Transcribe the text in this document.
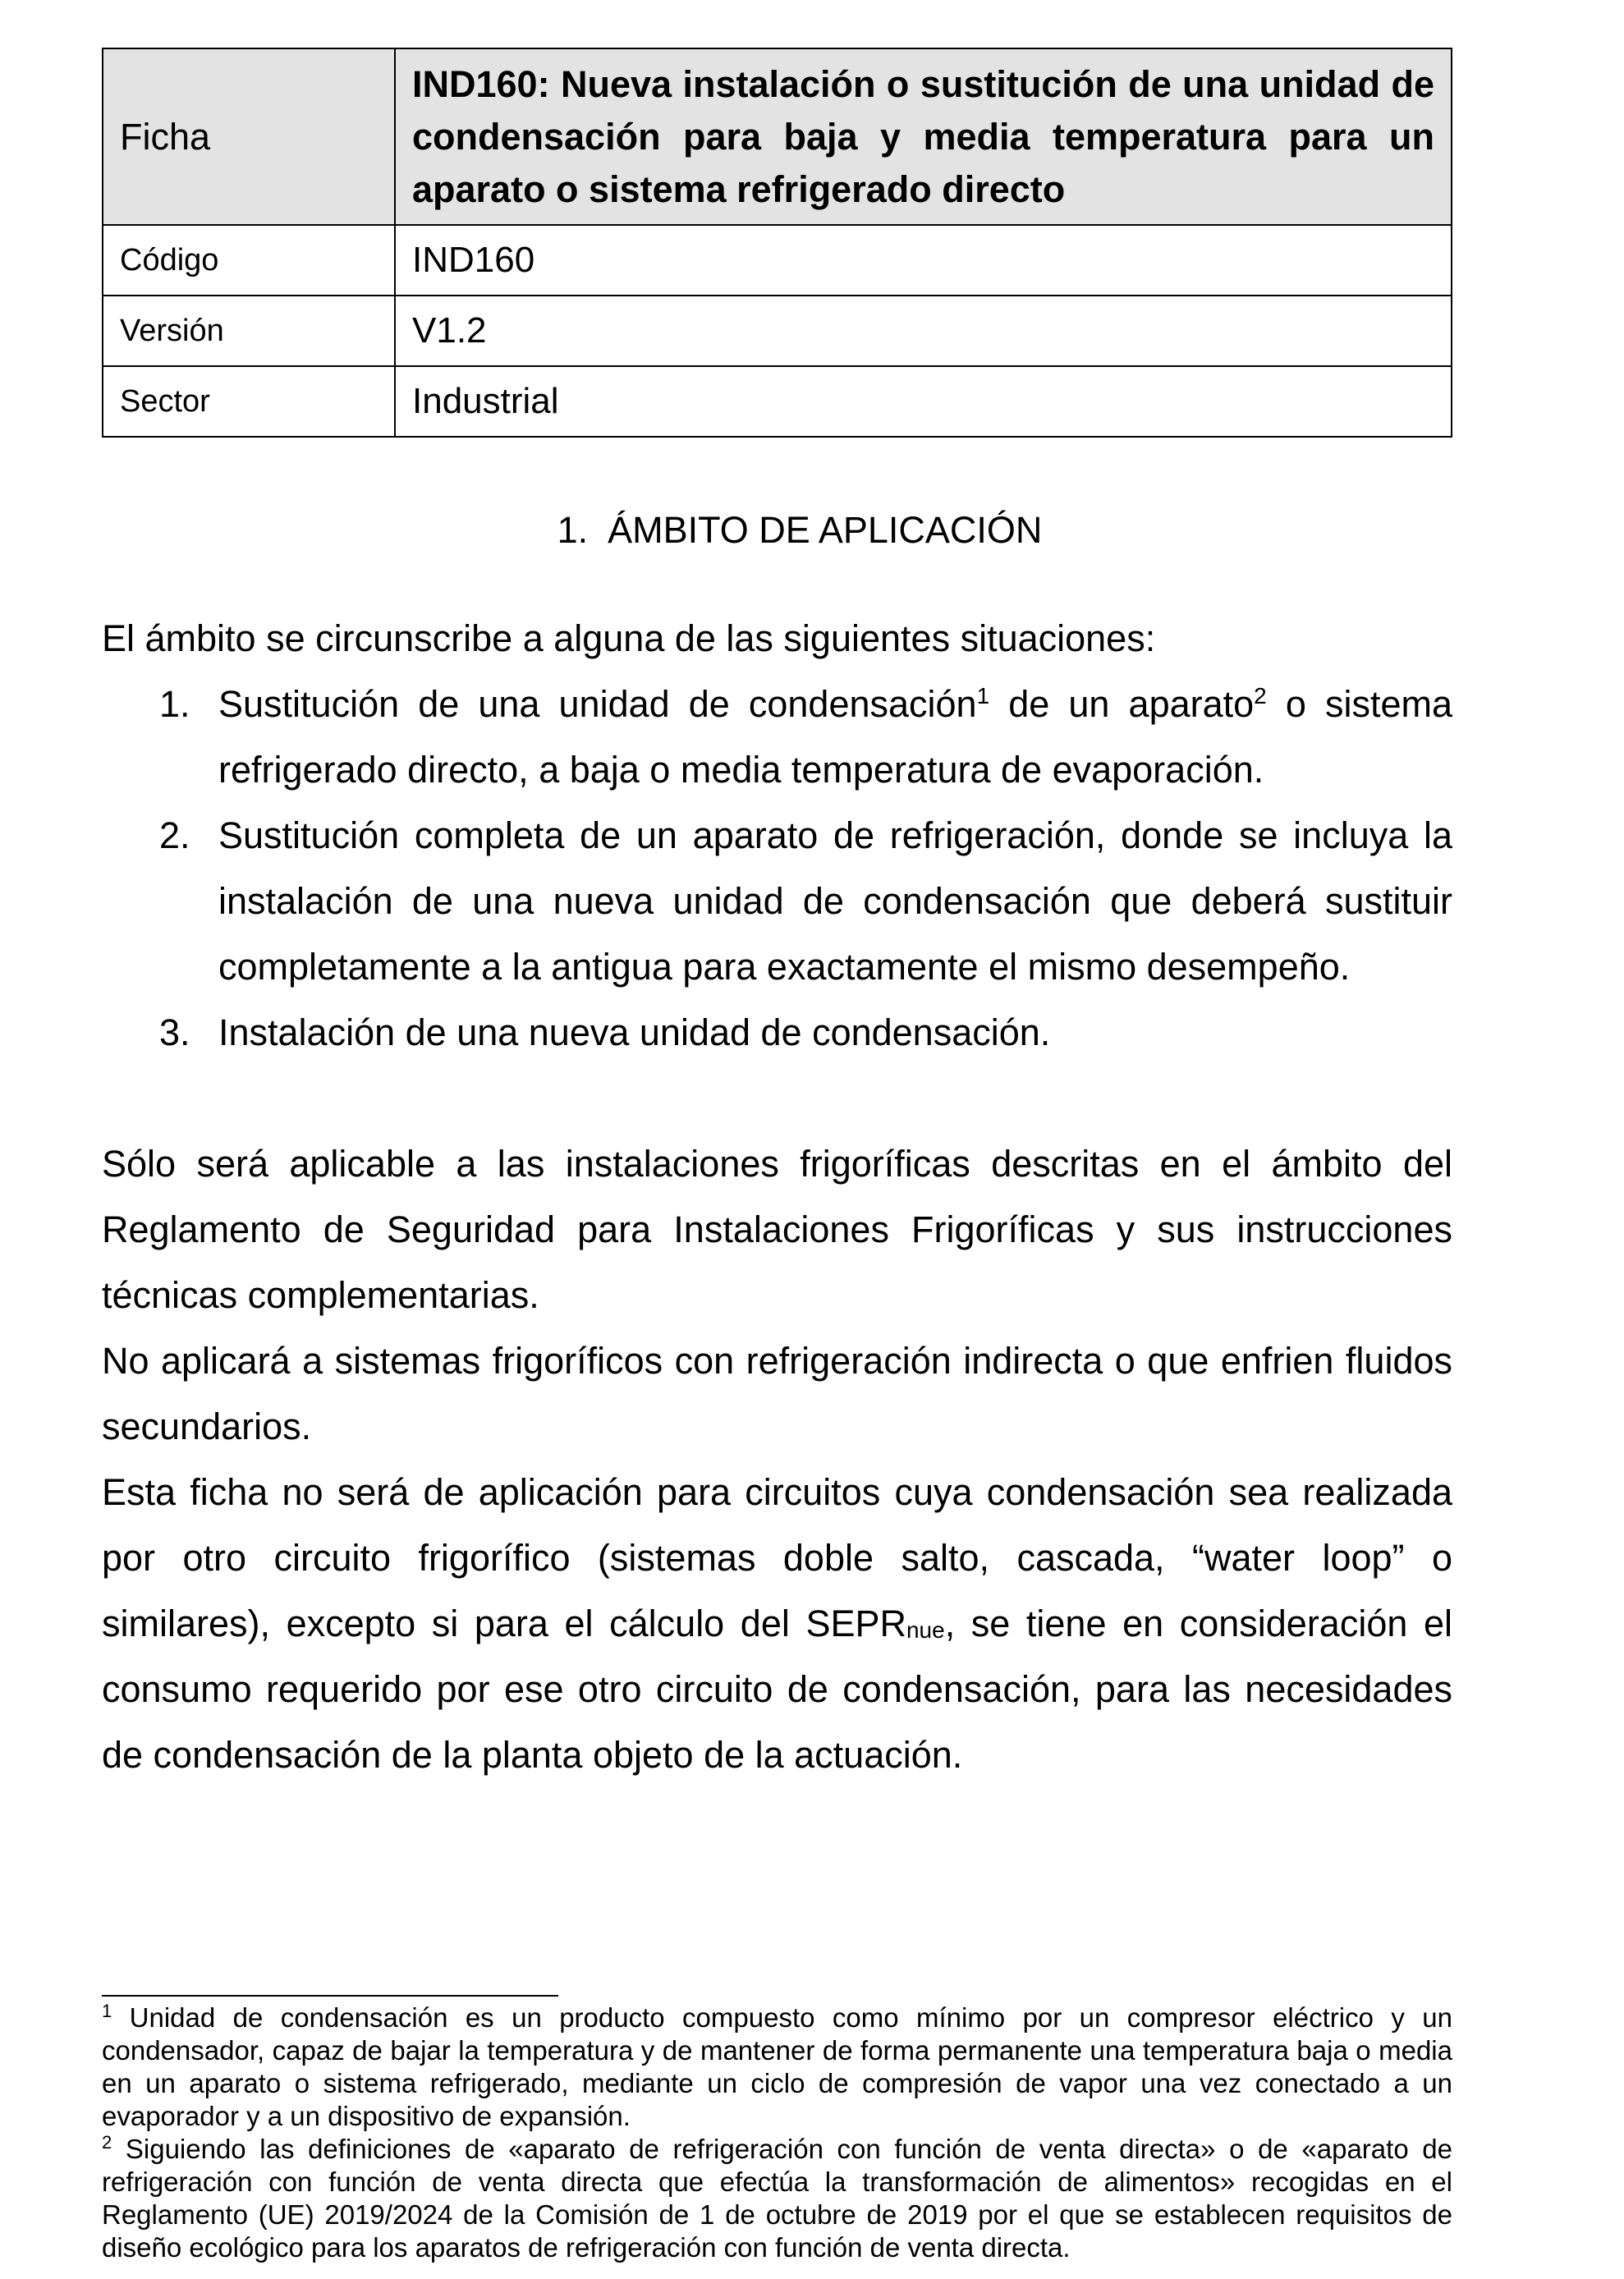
Ficha	IND160: Nueva instalación o sustitución de una unidad de condensación para baja y media temperatura para un aparato o sistema refrigerado directo
Código	IND160
Versión	V1.2
Sector	Industrial
1. ÁMBITO DE APLICACIÓN
El ámbito se circunscribe a alguna de las siguientes situaciones:
1. Sustitución de una unidad de condensación$^1$ de un aparato$^2$ o sistema refrigerado directo, a baja o media temperatura de evaporación.
2. Sustitución completa de un aparato de refrigeración, donde se incluya la instalación de una nueva unidad de condensación que deberá sustituir completamente a la antigua para exactamente el mismo desempeño.
3. Instalación de una nueva unidad de condensación.
Sólo será aplicable a las instalaciones frigoríficas descritas en el ámbito del Reglamento de Seguridad para Instalaciones Frigoríficas y sus instrucciones técnicas complementarias.
No aplicará a sistemas frigoríficos con refrigeración indirecta o que enfrien fluidos secundarios.
Esta ficha no será de aplicación para circuitos cuya condensación sea realizada por otro circuito frigorífico (sistemas doble salto, cascada, “water loop” o similares), excepto si para el cálculo del $SEPR_{nue}$, se tiene en consideración el consumo requerido por ese otro circuito de condensación, para las necesidades de condensación de la planta objeto de la actuación.

$^1$ Unidad de condensación es un producto compuesto como mínimo por un compresor eléctrico y un condensador, capaz de bajar la temperatura y de mantener de forma permanente una temperatura baja o media en un aparato o sistema refrigerado, mediante un ciclo de compresión de vapor una vez conectado a un evaporador y a un dispositivo de expansión.

$^2$ Siguiendo las definiciones de «aparato de refrigeración con función de venta directa» o de «aparato de refrigeración con función de venta directa que efectúa la transformación de alimentos» recogidas en el Reglamento (UE) 2019/2024 de la Comisión de 1 de octubre de 2019 por el que se establecen requisitos de diseño ecológico para los aparatos de refrigeración con función de venta directa.
